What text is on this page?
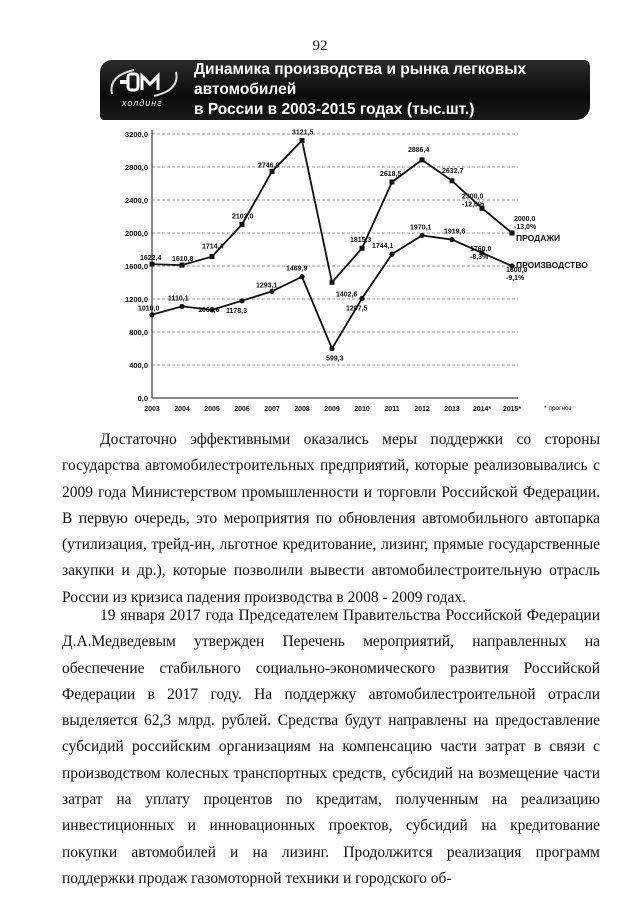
92
холдинг
Динамика производства и рынка легковых автомобилей
в России в 2003-2015 годах (тыс.шт.)
0,0
400,0
800,0
1200,0
1600,0
2000,0
2400,0
2800,0
3200,0
2003 2004 2005 2006 2007 2008 2009 2010 2011 2012 2013 2014* 2015*	* прогноз
1622,4 1610,8
1714,4
2103,0
2746,0
3121,5
1402,6
1815,3
2618,5
2886,4
2632,7
2300,0
-12,6%
2000,0
-13,0%
ПРОДАЖИ
1010,0
1110,1
1068,6 1178,3
1293,1
1469,9
599,3
1207,5
1744,1
1970,1
1919,6
1760,0
-8,3%
1600,0
-9,1%
ПРОИЗВОДСТВО

Достаточно эффективными оказались меры поддержки со стороны государства автомобилестроительных предприятий, которые реализовывались с 2009 года Министерством промышленности и торговли Российской Федерации. В первую очередь, это мероприятия по обновления автомобильного автопарка (утилизация, трейд-ин, льготное кредитование, лизинг, прямые государственные закупки и др.), которые позволили вывести автомобилестроительную отрасль России из кризиса падения производства в 2008 - 2009 годах.

19 января 2017 года Председателем Правительства Российской Федерации Д.А.Медведевым утвержден Перечень мероприятий, направленных на обеспечение стабильного социально-экономического развития Российской Федерации в 2017 году. На поддержку автомобилестроительной отрасли выделяется 62,3 млрд. рублей. Средства будут направлены на предоставление субсидий российским организациям на компенсацию части затрат в связи с производством колесных транспортных средств, субсидий на возмещение части затрат на уплату процентов по кредитам, полученным на реализацию инвестиционных и инновационных проектов, субсидий на кредитование покупки автомобилей и на лизинг. Продолжится реализация программ поддержки продаж газомоторной техники и городского об-
